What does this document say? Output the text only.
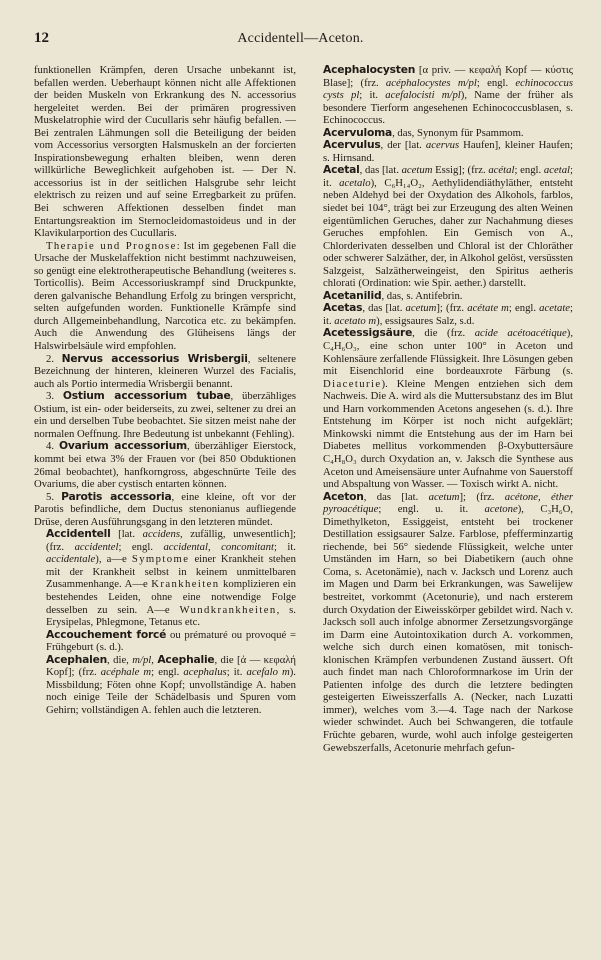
12	Accidentell—Aceton.

funktionellen Krämpfen, deren Ursache unbekannt ist, befallen werden. Ueberhaupt können nicht alle Affektionen der beiden Muskeln von Erkrankung des N. accessorius hergeleitet werden. Bei der primären progressiven Muskelatrophie wird der Cucullaris sehr häufig befallen. — Bei zentralen Lähmungen soll die Beteiligung der beiden vom Accessorius versorgten Halsmuskeln an der forcierten Inspirationsbewegung erhalten bleiben, wenn deren willkürliche Beweglichkeit aufgehoben ist. — Der N. accessorius ist in der seitlichen Halsgrube sehr leicht elektrisch zu reizen und auf seine Erregbarkeit zu prüfen. Bei schweren Affektionen desselben findet man Entartungsreaktion im Sternocleidomastoideus und in der Klavikularportion des Cucullaris.

Therapie und Prognose: Ist im gegebenen Fall die Ursache der Muskelaffektion nicht bestimmt nachzuweisen, so genügt eine elektrotherapeutische Behandlung (weiteres s. Torticollis). Beim Accessoriuskrampf sind Druckpunkte, deren galvanische Behandlung Erfolg zu bringen verspricht, selten aufgefunden worden. Funktionelle Krämpfe sind durch Allgemeinbehandlung, Narcotica etc. zu bekämpfen. Auch die Anwendung des Glüheisens längs der Halswirbelsäule wird empfohlen.

2. Nervus accessorius Wrisbergii, seltenere Bezeichnung der hinteren, kleineren Wurzel des Facialis, auch als Portio intermedia Wrisbergii benannt.

3. Ostium accessorium tubae, überzähliges Ostium, ist ein- oder beiderseits, zu zwei, seltener zu drei an ein und derselben Tube beobachtet. Sie sitzen meist nahe der normalen Oeffnung. Ihre Bedeutung ist unbekannt (Fehling).

4. Ovarium accessorium, überzähliger Eierstock, kommt bei etwa 3% der Frauen vor (bei 850 Obduktionen 26mal beobachtet), hanfkorngross, abgeschnürte Teile des Ovariums, die aber cystisch entarten können.

5. Parotis accessoria, eine kleine, oft vor der Parotis befindliche, dem Ductus stenonianus aufliegende Drüse, deren Ausführungsgang in den letzteren mündet.

Accidentell [lat. accidens, zufällig, unwesentlich]; (frz. accidentel; engl. accidental, concomitant; it. accidentale), a—e Symptome einer Krankheit stehen mit der Krankheit selbst in keinem unmittelbaren Zusammenhange. A—e Krankheiten komplizieren ein bestehendes Leiden, ohne eine notwendige Folge desselben zu sein. A—e Wundkrankheiten, s. Erysipelas, Phlegmone, Tetanus etc.

Accouchement forcé ou prématuré ou provoqué = Frühgeburt (s. d.).

Acephalen, die, m/pl, Acephalie, die [ἀ — κεφαλή Kopf]; (frz. acéphale m; engl. acephalus; it. acefalo m). Missbildung; Föten ohne Kopf; unvollständige A. haben noch einige Teile der Schädelbasis und Spuren vom Gehirn; vollständigen A. fehlen auch die letzteren.

Acephalocysten [α priv. — κεφαλή Kopf — κύστις Blase]; (frz. acéphalocystes m/pl; engl. echinococcus cysts pl; it. acefalocisti m/pl), Name der früher als besondere Tierform angesehenen Echinococcusblasen, s. Echinococcus.

Acervuloma, das, Synonym für Psammom.

Acervulus, der [lat. acervus Haufen], kleiner Haufen; s. Hirnsand.

Acetal, das [lat. acetum Essig]; (frz. acétal; engl. acetal; it. acetalo), C₆H₁₄O₂, Aethylidendiäthyläther, entsteht neben Aldehyd bei der Oxydation des Alkohols, farblos, siedet bei 104°, trägt bei zur Erzeugung des alten Weinen eigentümlichen Geruches, daher zur Nachahmung dieses Geruches empfohlen. Ein Gemisch von A., Chlorderivaten desselben und Chloral ist der Chloräther oder schwerer Salzäther, der, in Alkohol gelöst, versüssten Salzgeist, Salzätherweingeist, den Spiritus aetheris chlorati (Ordination: wie Spir. aether.) darstellt.

Acetanilid, das, s. Antifebrin.

Acetas, das [lat. acetum]; (frz. acétate m; engl. acetate; it. acetato m), essigsaures Salz, s.d.

Acetessigsäure, die (frz. acide acétoacétique), C₄H₆O₃, eine schon unter 100° in Aceton und Kohlensäure zerfallende Flüssigkeit. Ihre Lösungen geben mit Eisenchlorid eine bordeauxrote Färbung (s. Diaceturie). Kleine Mengen entziehen sich dem Nachweis. Die A. wird als die Muttersubstanz des im Blut und Harn vorkommenden Acetons angesehen (s. d.). Ihre Entstehung im Körper ist noch nicht aufgeklärt; Minkowski nimmt die Entstehung aus der im Harn bei Diabetes mellitus vorkommenden β-Oxybuttersäure C₄H₈O₃ durch Oxydation an, v. Jaksch die Synthese aus Aceton und Ameisensäure unter Aufnahme von Sauerstoff und Abspaltung von Wasser. — Toxisch wirkt A. nicht.

Aceton, das [lat. acetum]; (frz. acétone, éther pyroacétique; engl. u. it. acetone), C₃H₆O, Dimethylketon, Essiggeist, entsteht bei trockener Destillation essigsaurer Salze. Farblose, pfefferminzartig riechende, bei 56° siedende Flüssigkeit, welche unter Umständen im Harn, so bei Diabetikern (auch ohne Coma, s. Acetonämie), nach v. Jacksch und Lorenz auch im Magen und Darm bei Erkrankungen, was Sawelijew bestreitet, vorkommt (Acetonurie), und nach ersterem durch Oxydation der Eiweisskörper gebildet wird. Nach v. Jacksch soll auch infolge abnormer Zersetzungsvorgänge im Darm eine Autointoxikation durch A. vorkommen, welche sich durch einen komatösen, mit tonisch-klonischen Krämpfen verbundenen Zustand äussert. Oft auch findet man nach Chloroformnarkose im Urin der Patienten infolge des durch die letztere bedingten gesteigerten Eiweisszerfalls A. (Necker, nach Luzatti immer), welches vom 3.—4. Tage nach der Narkose wieder schwindet. Auch bei Schwangeren, die totfaule Früchte gebaren, wurde, wohl auch infolge gesteigerten Gewebszerfalls, Acetonurie mehrfach gefun-
